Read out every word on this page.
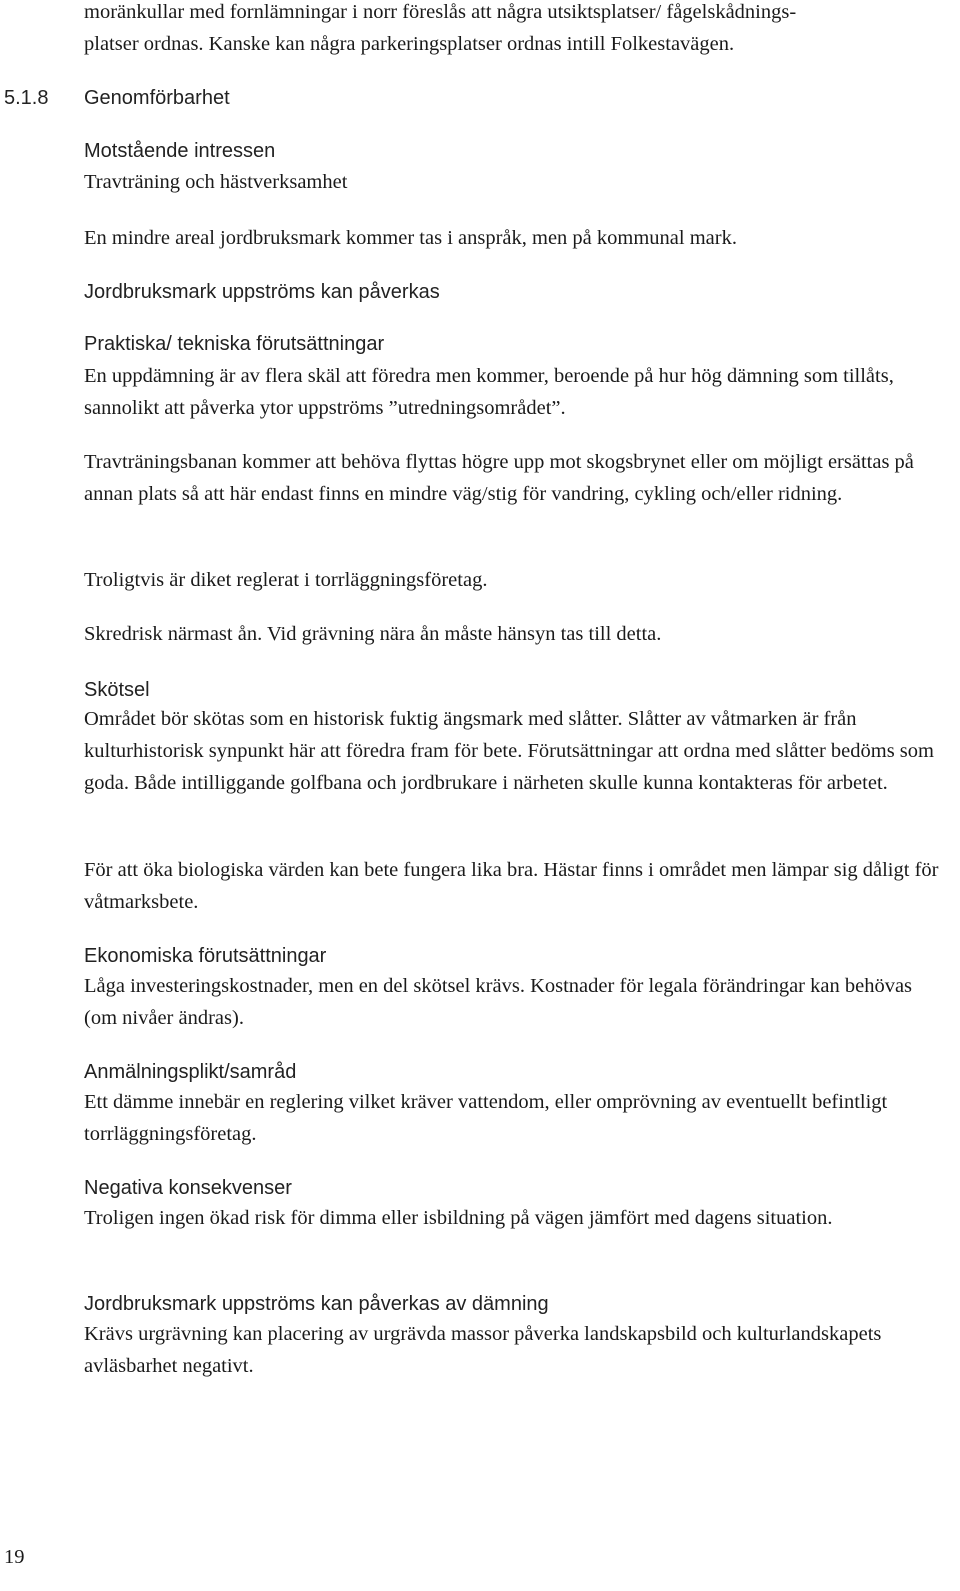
moränkullar med fornlämningar i norr föreslås att några utsiktsplatser/ fågelskådnings-

platser ordnas. Kanske kan några parkeringsplatser ordnas intill Folkestavägen.

5.1.8 Genomförbarhet
Motstående intressen

Travträning och hästverksamhet

En mindre areal jordbruksmark kommer tas i anspråk, men på kommunal mark.

Jordbruksmark uppströms kan påverkas
Praktiska/ tekniska förutsättningar

En uppdämning är av flera skäl att föredra men kommer, beroende på hur hög dämning som tillåts, sannolikt att påverka ytor uppströms ”utredningsområdet”.

Travträningsbanan kommer att behöva flyttas högre upp mot skogsbrynet eller om möjligt ersättas på annan plats så att här endast finns en mindre väg/stig för vandring, cykling och/eller ridning.

Troligtvis är diket reglerat i torrläggningsföretag.

Skredrisk närmast ån. Vid grävning nära ån måste hänsyn tas till detta.

Skötsel

Området bör skötas som en historisk fuktig ängsmark med slåtter. Slåtter av våtmarken är från kulturhistorisk synpunkt här att föredra fram för bete. Förutsättningar att ordna med slåtter bedöms som goda. Både intilliggande golfbana och jordbrukare i närheten skulle kunna kontakteras för arbetet.

För att öka biologiska värden kan bete fungera lika bra. Hästar finns i området men lämpar sig dåligt för våtmarksbete.

Ekonomiska förutsättningar

Låga investeringskostnader, men en del skötsel krävs. Kostnader för legala förändringar kan behövas (om nivåer ändras).

Anmälningsplikt/samråd

Ett dämme innebär en reglering vilket kräver vattendom, eller omprövning av eventuellt befintligt torrläggningsföretag.

Negativa konsekvenser

Troligen ingen ökad risk för dimma eller isbildning på vägen jämfört med dagens situation.

Jordbruksmark uppströms kan påverkas av dämning

Krävs urgrävning kan placering av urgrävda massor påverka landskapsbild och kulturlandskapets avläsbarhet negativt.

19
